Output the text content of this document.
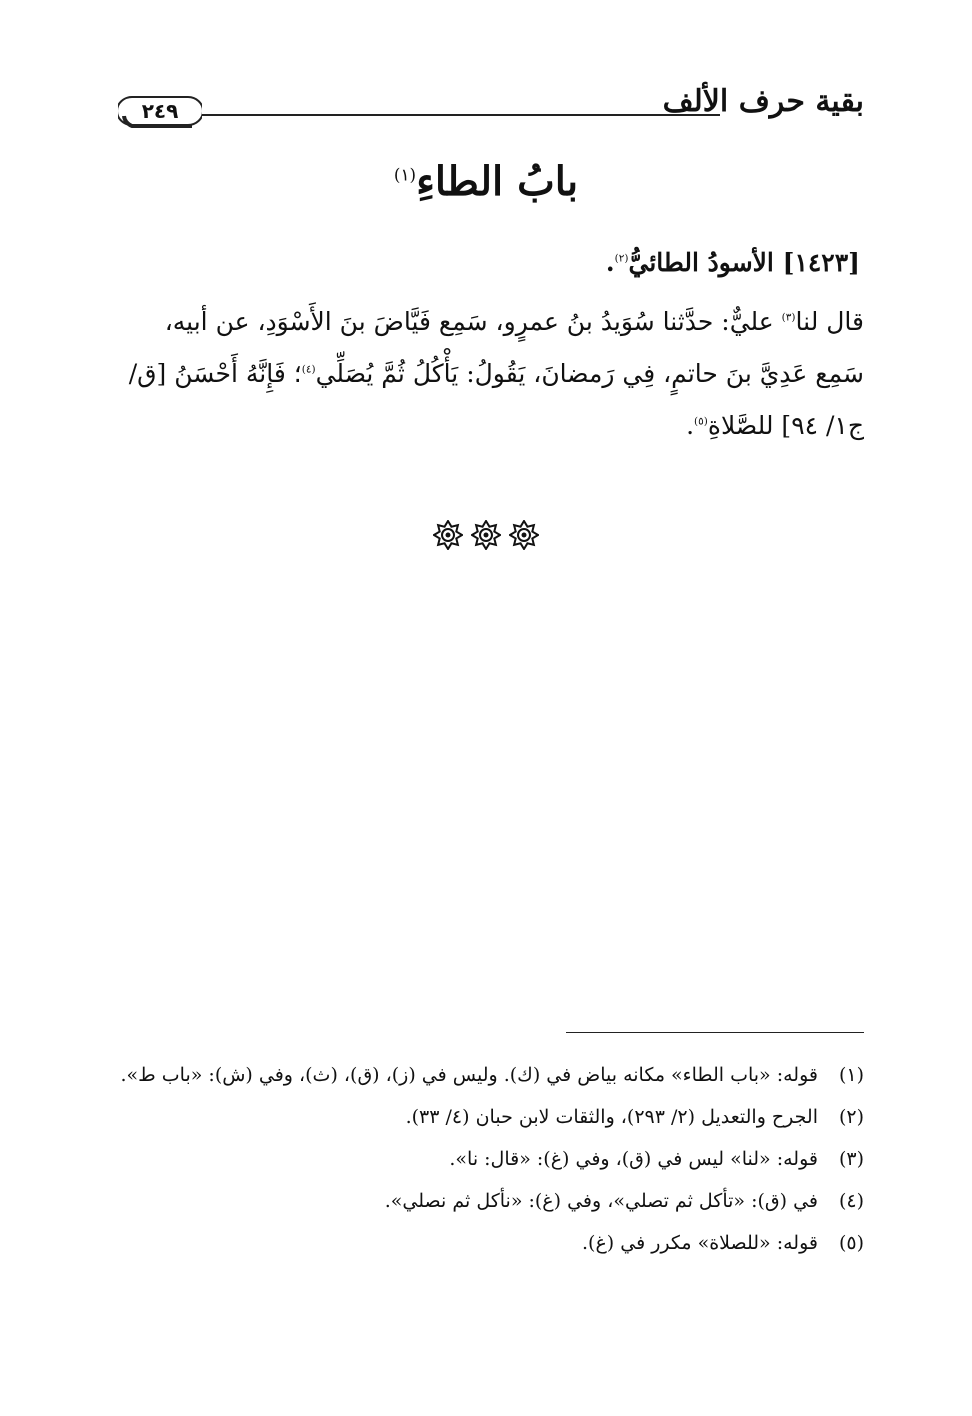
بقية حرف الألف
٢٤٩
بابُ الطاءِ$^{(١)}$
[١٤٢٣] الأسودُ الطائيُّ$^{(٢)}$.
قال لنا$^{(٣)}$ عليٌّ: حدَّثنا سُوَيدُ بنُ عمرٍو، سَمِع فَيَّاضَ بنَ الأَسْوَدِ، عن أبيه،
سَمِع عَدِيَّ بنَ حاتمٍ، فِي رَمضانَ، يَقُولُ: يَأْكُلُ ثُمَّ يُصَلِّي$^{(٤)}$؛ فَإِنَّهُ أَحْسَنُ [ق/
ج١/ ٩٤] للصَّلاةِ$^{(٥)}$.
(١)
قوله: «باب الطاء» مكانه بياض في (ك). وليس في (ز)، (ق)، (ث)، وفي (ش): «باب ط».
(٢)
الجرح والتعديل (٢/ ٢٩٣)، والثقات لابن حبان (٤/ ٣٣).
(٣)
قوله: «لنا» ليس في (ق)، وفي (غ): «قال: نا».
(٤)
في (ق): «تأكل ثم تصلي»، وفي (غ): «نأكل ثم نصلي».
(٥)
قوله: «للصلاة» مكرر في (غ).
